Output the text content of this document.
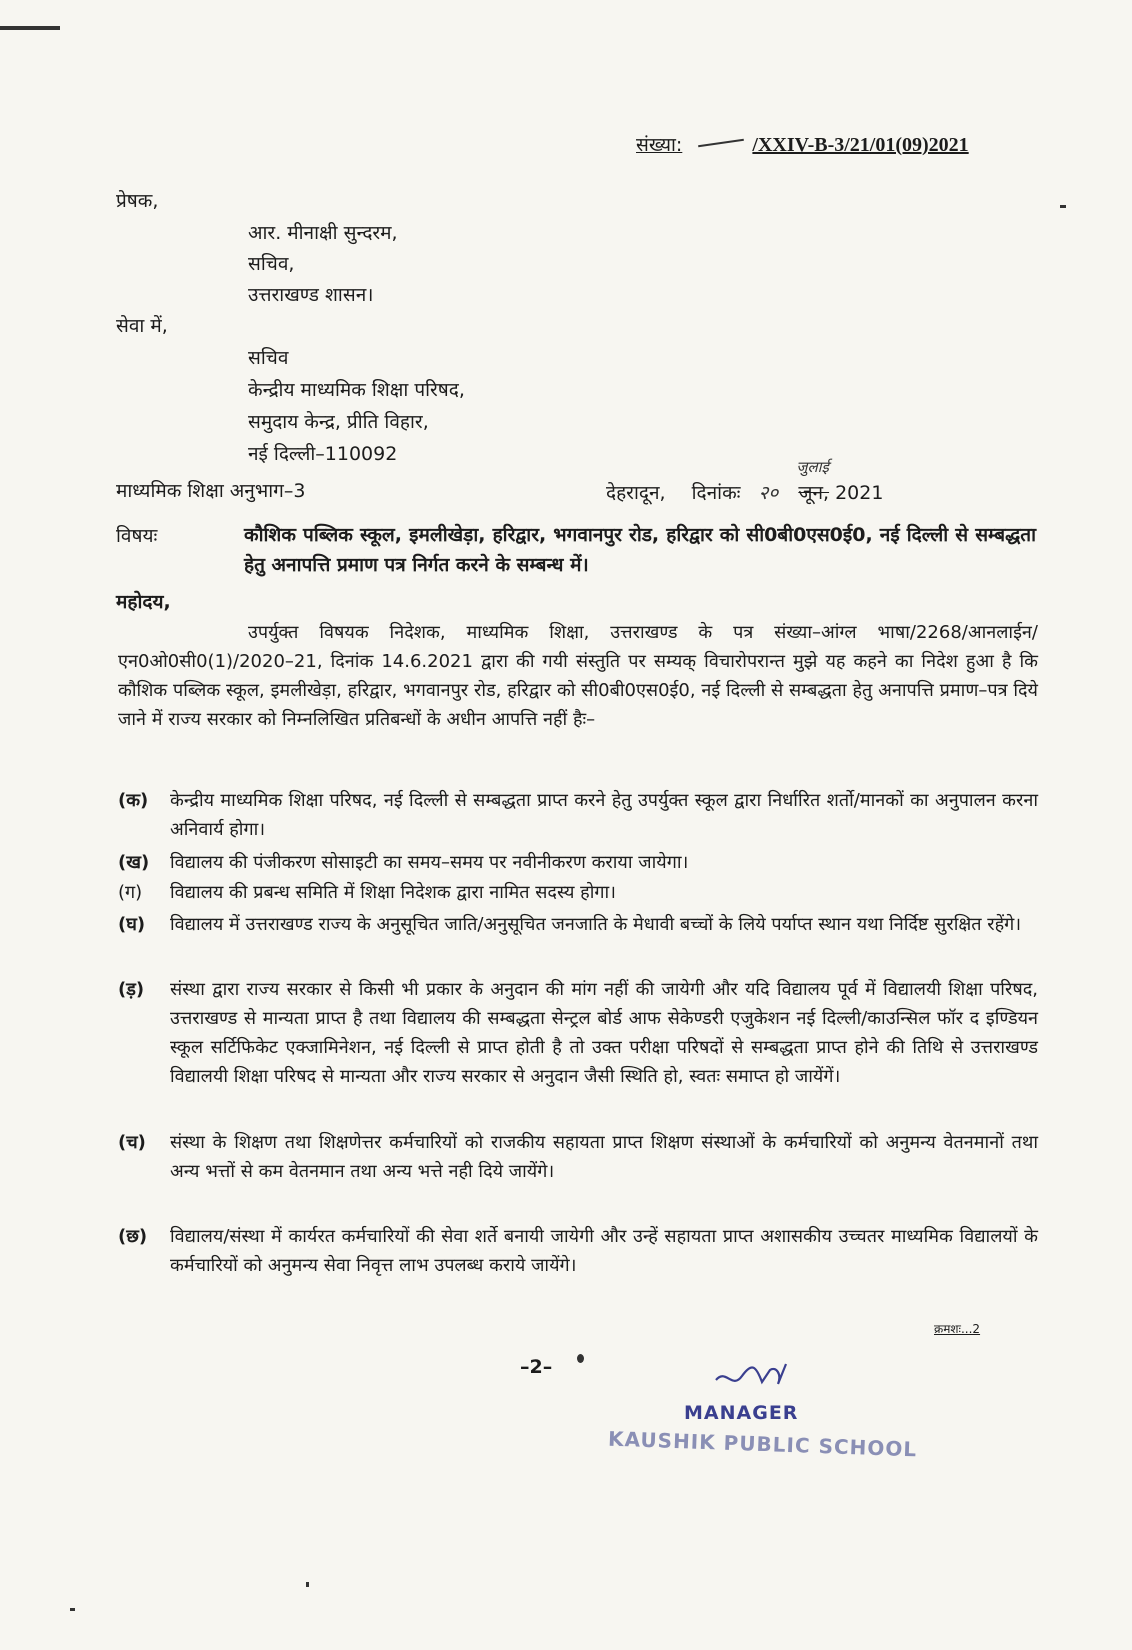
संख्या:	/XXIV-B-3/21/01(09)2021
प्रेषक,
आर. मीनाक्षी सुन्दरम,
सचिव,
उत्तराखण्ड शासन।
सेवा में,
सचिव
केन्द्रीय माध्यमिक शिक्षा परिषद,
समुदाय केन्द्र, प्रीति विहार,
नई दिल्ली–110092
माध्यमिक शिक्षा अनुभाग–3	देहरादून, दिनांकः २०
जुलाई
जून, 2021
विषयः	कौशिक पब्लिक स्कूल, इमलीखेड़ा, हरिद्वार, भगवानपुर रोड, हरिद्वार को सी0बी0एस0ई0, नई दिल्ली से सम्बद्धता हेतु अनापत्ति प्रमाण पत्र निर्गत करने के सम्बन्ध में।
महोदय,
उपर्युक्त विषयक निदेशक, माध्यमिक शिक्षा, उत्तराखण्ड के पत्र संख्या–आंग्ल भाषा/2268/आनलाईन/एन0ओ0सी0(1)/2020–21, दिनांक 14.6.2021 द्वारा की गयी संस्तुति पर सम्यक् विचारोपरान्त मुझे यह कहने का निदेश हुआ है कि कौशिक पब्लिक स्कूल, इमलीखेड़ा, हरिद्वार, भगवानपुर रोड, हरिद्वार को सी0बी0एस0ई0, नई दिल्ली से सम्बद्धता हेतु अनापत्ति प्रमाण–पत्र दिये जाने में राज्य सरकार को निम्नलिखित प्रतिबन्धों के अधीन आपत्ति नहीं हैः–
(क)	केन्द्रीय माध्यमिक शिक्षा परिषद, नई दिल्ली से सम्बद्धता प्राप्त करने हेतु उपर्युक्त स्कूल द्वारा निर्धारित शर्तो/मानकों का अनुपालन करना अनिवार्य होगा।
(ख)	विद्यालय की पंजीकरण सोसाइटी का समय–समय पर नवीनीकरण कराया जायेगा।
(ग)	विद्यालय की प्रबन्ध समिति में शिक्षा निदेशक द्वारा नामित सदस्य होगा।
(घ)	विद्यालय में उत्तराखण्ड राज्य के अनुसूचित जाति/अनुसूचित जनजाति के मेधावी बच्चों के लिये पर्याप्त स्थान यथा निर्दिष्ट सुरक्षित रहेंगे।
(ड़)	संस्था द्वारा राज्य सरकार से किसी भी प्रकार के अनुदान की मांग नहीं की जायेगी और यदि विद्यालय पूर्व में विद्यालयी शिक्षा परिषद, उत्तराखण्ड से मान्यता प्राप्त है तथा विद्यालय की सम्बद्धता सेन्ट्रल बोर्ड आफ सेकेण्डरी एजुकेशन नई दिल्ली/काउन्सिल फॉर द इण्डियन स्कूल सर्टिफिकेट एक्जामिनेशन, नई दिल्ली से प्राप्त होती है तो उक्त परीक्षा परिषदों से सम्बद्धता प्राप्त होने की तिथि से उत्तराखण्ड विद्यालयी शिक्षा परिषद से मान्यता और राज्य सरकार से अनुदान जैसी स्थिति हो, स्वतः समाप्त हो जायेंगें।
(च)	संस्था के शिक्षण तथा शिक्षणेत्तर कर्मचारियों को राजकीय सहायता प्राप्त शिक्षण संस्थाओं के कर्मचारियों को अनुमन्य वेतनमानों तथा अन्य भत्तों से कम वेतनमान तथा अन्य भत्ते नही दिये जायेंगे।
(छ)	विद्यालय/संस्था में कार्यरत कर्मचारियों की सेवा शर्ते बनायी जायेगी और उन्हें सहायता प्राप्त अशासकीय उच्चतर माध्यमिक विद्यालयों के कर्मचारियों को अनुमन्य सेवा निवृत्त लाभ उपलब्ध कराये जायेंगे।
क्रमशः...2
–2–
MANAGER
KAUSHIK PUBLIC SCHOOL
